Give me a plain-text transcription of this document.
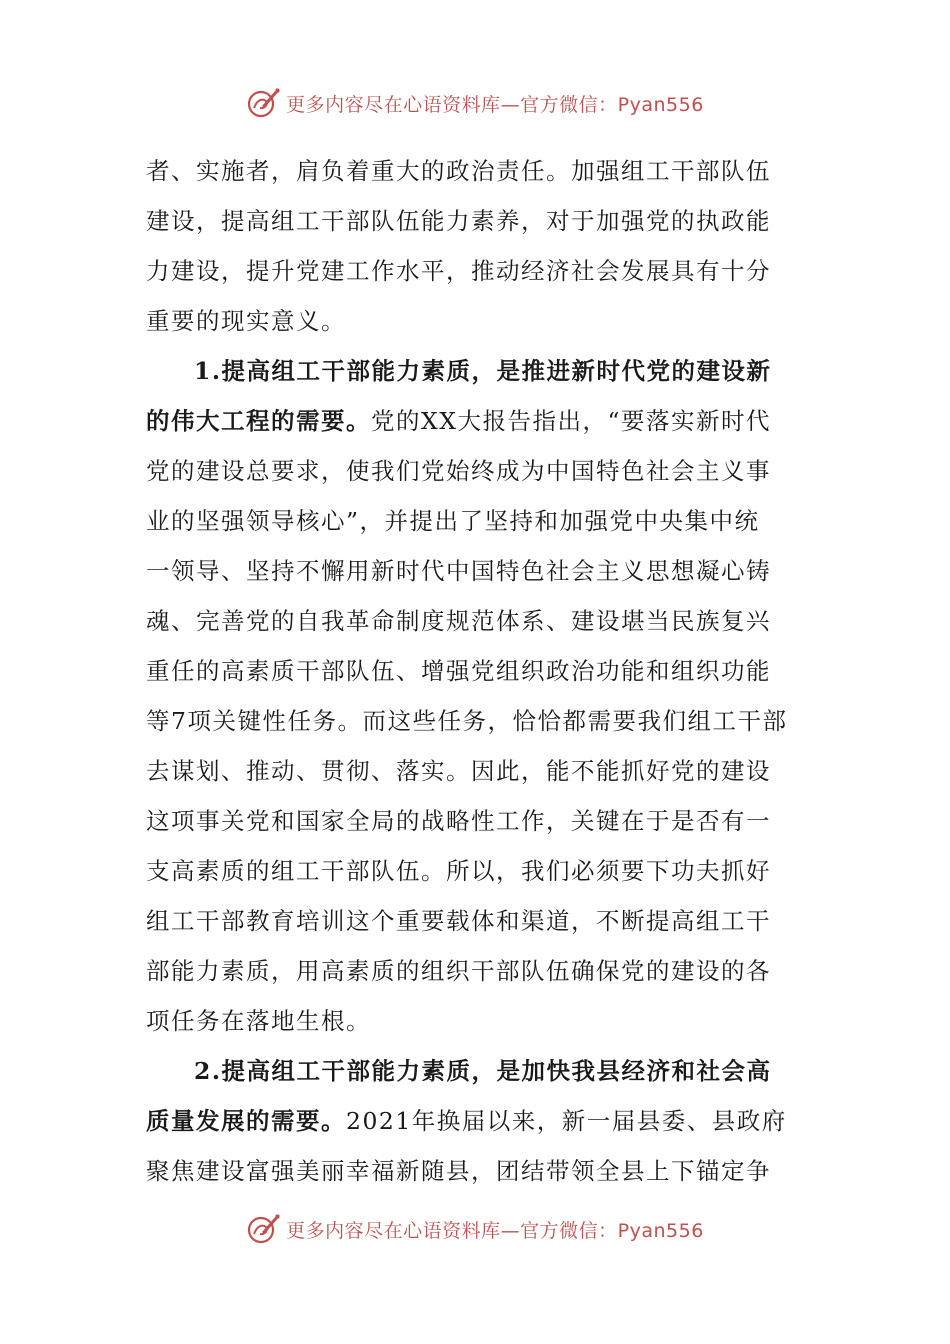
更多内容尽在心语资料库—官方微信：Pyan556
者、实施者，肩负着重大的政治责任。加强组工干部队伍
建设，提高组工干部队伍能力素养，对于加强党的执政能
力建设，提升党建工作水平，推动经济社会发展具有十分
重要的现实意义。
1.提高组工干部能力素质，是推进新时代党的建设新
的伟大工程的需要。党的XX大报告指出，“要落实新时代
党的建设总要求，使我们党始终成为中国特色社会主义事
业的坚强领导核心”，并提出了坚持和加强党中央集中统
一领导、坚持不懈用新时代中国特色社会主义思想凝心铸
魂、完善党的自我革命制度规范体系、建设堪当民族复兴
重任的高素质干部队伍、增强党组织政治功能和组织功能
等7项关键性任务。而这些任务，恰恰都需要我们组工干部
去谋划、推动、贯彻、落实。因此，能不能抓好党的建设
这项事关党和国家全局的战略性工作，关键在于是否有一
支高素质的组工干部队伍。所以，我们必须要下功夫抓好
组工干部教育培训这个重要载体和渠道，不断提高组工干
部能力素质，用高素质的组织干部队伍确保党的建设的各
项任务在落地生根。
2.提高组工干部能力素质，是加快我县经济和社会高
质量发展的需要。2021年换届以来，新一届县委、县政府
聚焦建设富强美丽幸福新随县，团结带领全县上下锚定争
更多内容尽在心语资料库—官方微信：Pyan556
